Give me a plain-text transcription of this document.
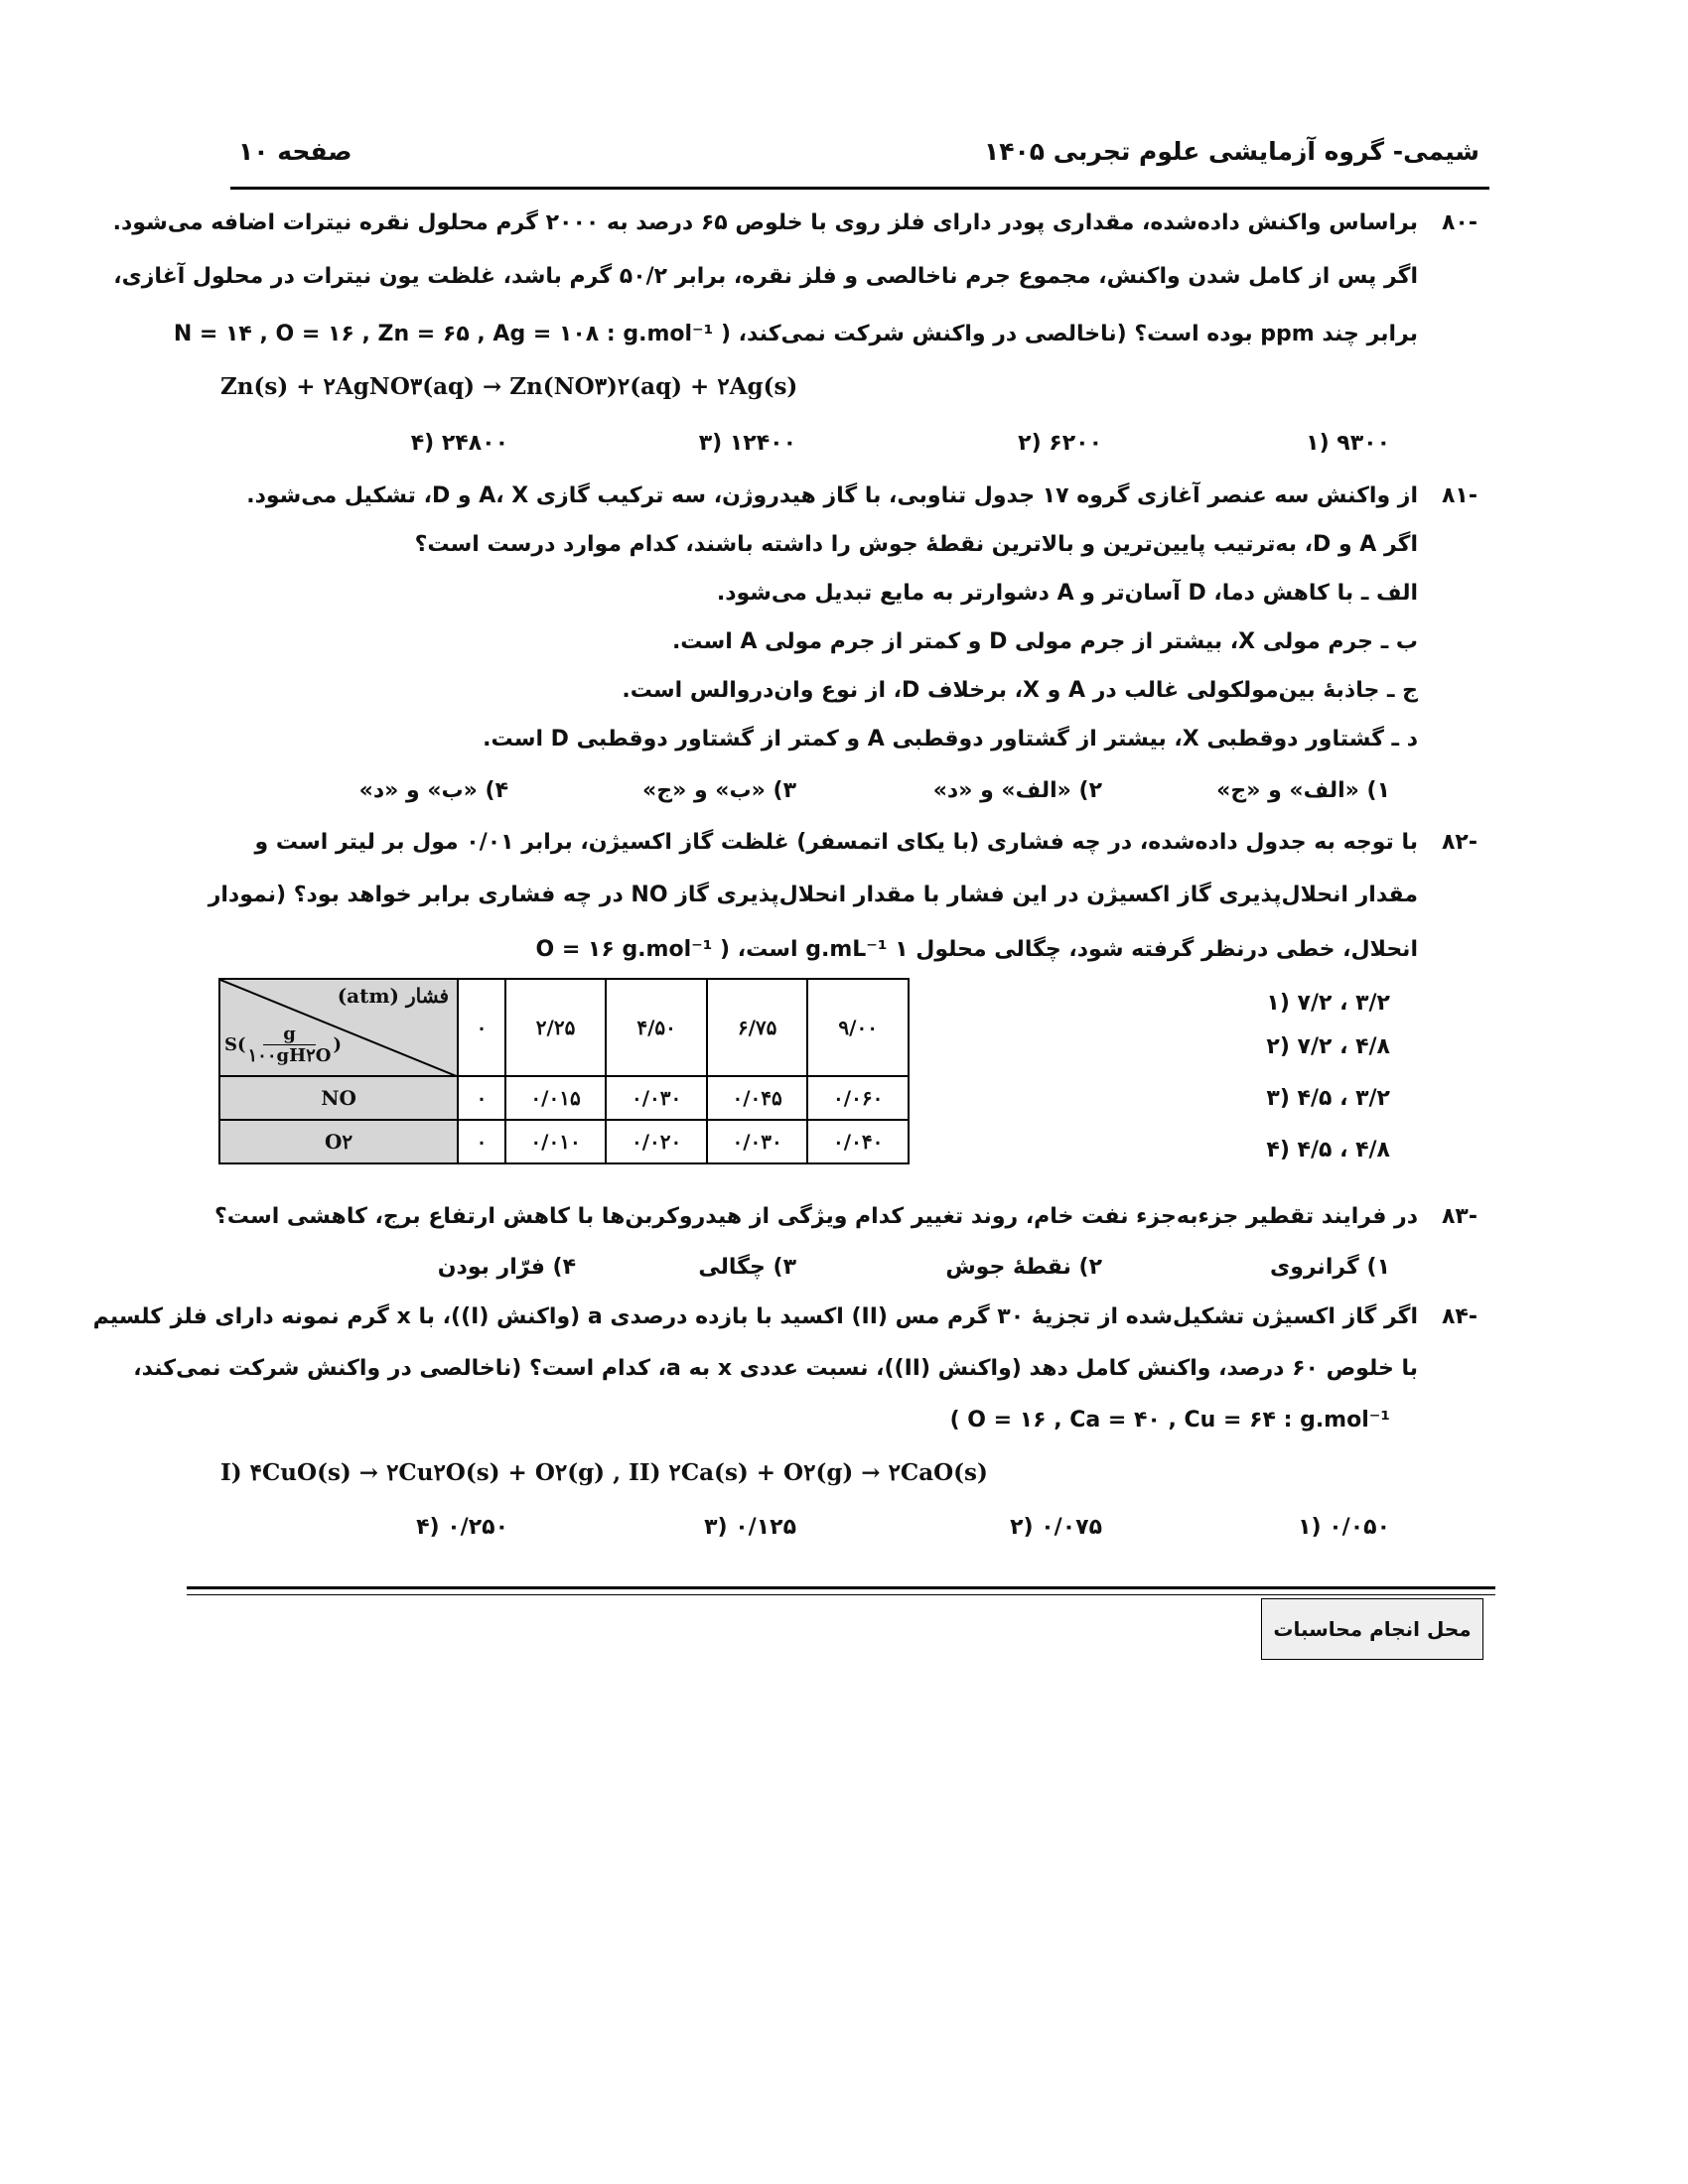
شیمی- گروه آزمایشی علوم تجربی ۱۴۰۵
صفحه ۱۰
۸۰-
براساس واکنش داده‌شده، مقداری پودر دارای فلز روی با خلوص ۶۵ درصد به ۲۰۰۰ گرم محلول نقره نیترات اضافه می‌شود.
اگر پس از کامل شدن واکنش، مجموع جرم ناخالصی و فلز نقره، برابر ۵۰/۲ گرم باشد، غلظت یون نیترات در محلول آغازی،
برابر چند ppm بوده است؟ (ناخالصی در واکنش شرکت نمی‌کند، ( N = ۱۴ , O = ۱۶ , Zn = ۶۵ , Ag = ۱۰۸ : g.mol⁻¹
Zn(s) + ۲AgNO۳(aq) → Zn(NO۳)۲(aq) + ۲Ag(s)
۱) ۹۳۰۰
۲) ۶۲۰۰
۳) ۱۲۴۰۰
۴) ۲۴۸۰۰
۸۱-
از واکنش سه عنصر آغازی گروه ۱۷ جدول تناوبی، با گاز هیدروژن، سه ترکیب گازی A، X و D، تشکیل می‌شود.
اگر A و D، به‌ترتیب پایین‌ترین و بالاترین نقطهٔ جوش را داشته باشند، کدام موارد درست است؟
الف ـ با کاهش دما، D آسان‌تر و A دشوارتر به مایع تبدیل می‌شود.
ب ـ جرم مولی X، بیشتر از جرم مولی D و کمتر از جرم مولی A است.
ج ـ جاذبهٔ بین‌مولکولی غالب در A و X، برخلاف D، از نوع وان‌دروالس است.
د ـ گشتاور دوقطبی X، بیشتر از گشتاور دوقطبی A و کمتر از گشتاور دوقطبی D است.
۱) «الف» و «ج»
۲) «الف» و «د»
۳) «ب» و «ج»
۴) «ب» و «د»
۸۲-
با توجه به جدول داده‌شده، در چه فشاری (با یکای اتمسفر) غلظت گاز اکسیژن، برابر ۰/۰۱ مول بر لیتر است و
مقدار انحلال‌پذیری گاز اکسیژن در این فشار با مقدار انحلال‌پذیری گاز NO در چه فشاری برابر خواهد بود؟ (نمودار
انحلال، خطی درنظر گرفته شود، چگالی محلول ۱ g.mL⁻¹ است، ( O = ۱۶ g.mol⁻¹
۱) ۷/۲ ، ۳/۲
۲) ۷/۲ ، ۴/۸
۳) ۴/۵ ، ۳/۲
۴) ۴/۵ ، ۴/۸
فشار (atm)
$S( \frac{g}{۱۰۰gH۲O}$ )	۰	۲/۲۵	۴/۵۰	۶/۷۵	۹/۰۰
NO	۰	۰/۰۱۵	۰/۰۳۰	۰/۰۴۵	۰/۰۶۰
O۲	۰	۰/۰۱۰	۰/۰۲۰	۰/۰۳۰	۰/۰۴۰
۸۳-
در فرایند تقطیر جزء‌به‌جزء نفت خام، روند تغییر کدام ویژگی از هیدروکربن‌ها با کاهش ارتفاع برج، کاهشی است؟
۱) گرانروی
۲) نقطهٔ جوش
۳) چگالی
۴) فرّار بودن
۸۴-
اگر گاز اکسیژن تشکیل‌شده از تجزیهٔ ۳۰ گرم مس (II) اکسید با بازده درصدی a (واکنش (I))، با x گرم نمونه دارای فلز کلسیم
با خلوص ۶۰ درصد، واکنش کامل دهد (واکنش (II))، نسبت عددی x به a، کدام است؟ (ناخالصی در واکنش شرکت نمی‌کند،
( O = ۱۶ , Ca = ۴۰ , Cu = ۶۴ : g.mol⁻¹
I) ۴CuO(s) → ۲Cu۲O(s) + O۲(g) , II) ۲Ca(s) + O۲(g) → ۲CaO(s)
۱) ۰/۰۵۰
۲) ۰/۰۷۵
۳) ۰/۱۲۵
۴) ۰/۲۵۰
محل انجام محاسبات
